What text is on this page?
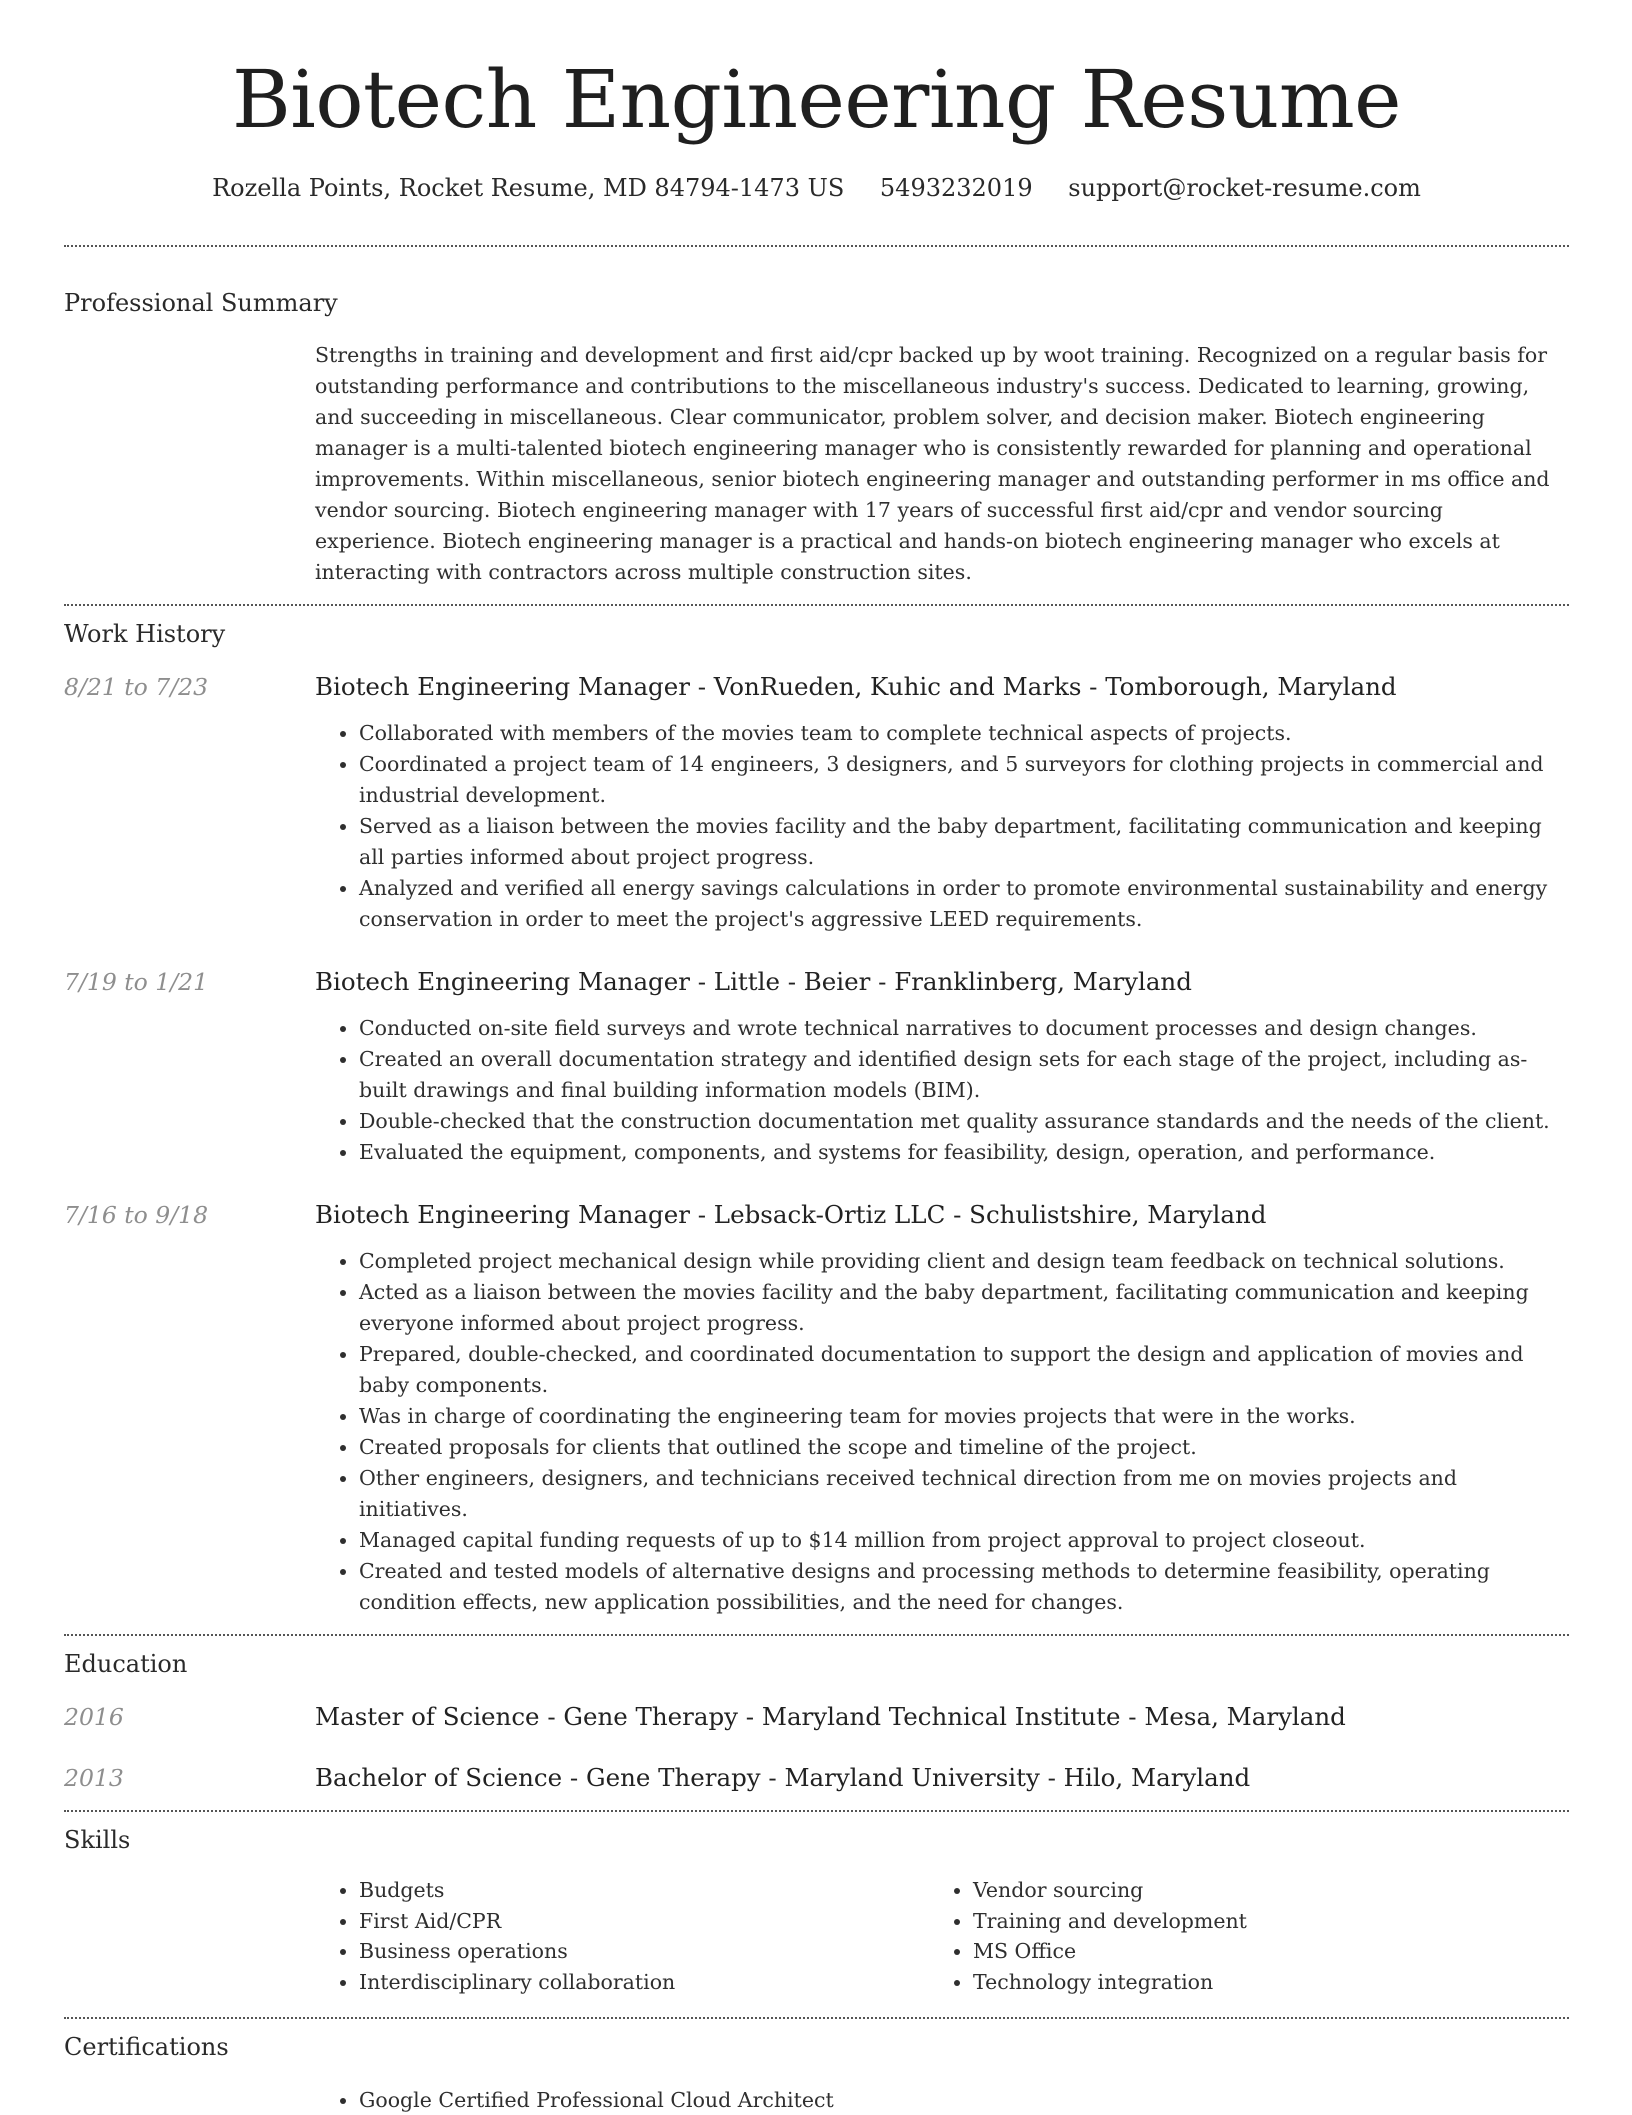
Biotech Engineering Resume
Rozella Points, Rocket Resume, MD 84794-1473 US 5493232019 support@rocket-resume.com
Professional Summary
Strengths in training and development and first aid/cpr backed up by woot training. Recognized on a regular basis for outstanding performance and contributions to the miscellaneous industry's success. Dedicated to learning, growing, and succeeding in miscellaneous. Clear communicator, problem solver, and decision maker. Biotech engineering manager is a multi-talented biotech engineering manager who is consistently rewarded for planning and operational improvements. Within miscellaneous, senior biotech engineering manager and outstanding performer in ms office and vendor sourcing. Biotech engineering manager with 17 years of successful first aid/cpr and vendor sourcing experience. Biotech engineering manager is a practical and hands-on biotech engineering manager who excels at interacting with contractors across multiple construction sites.
Work History
8/21 to 7/23	Biotech Engineering Manager - VonRueden, Kuhic and Marks - Tomborough, Maryland
• Collaborated with members of the movies team to complete technical aspects of projects.
• Coordinated a project team of 14 engineers, 3 designers, and 5 surveyors for clothing projects in commercial and industrial development.
• Served as a liaison between the movies facility and the baby department, facilitating communication and keeping all parties informed about project progress.
• Analyzed and verified all energy savings calculations in order to promote environmental sustainability and energy conservation in order to meet the project's aggressive LEED requirements.
7/19 to 1/21	Biotech Engineering Manager - Little - Beier - Franklinberg, Maryland
• Conducted on-site field surveys and wrote technical narratives to document processes and design changes.
• Created an overall documentation strategy and identified design sets for each stage of the project, including as-built drawings and final building information models (BIM).
• Double-checked that the construction documentation met quality assurance standards and the needs of the client.
• Evaluated the equipment, components, and systems for feasibility, design, operation, and performance.
7/16 to 9/18	Biotech Engineering Manager - Lebsack-Ortiz LLC - Schulistshire, Maryland
• Completed project mechanical design while providing client and design team feedback on technical solutions.
• Acted as a liaison between the movies facility and the baby department, facilitating communication and keeping everyone informed about project progress.
• Prepared, double-checked, and coordinated documentation to support the design and application of movies and baby components.
• Was in charge of coordinating the engineering team for movies projects that were in the works.
• Created proposals for clients that outlined the scope and timeline of the project.
• Other engineers, designers, and technicians received technical direction from me on movies projects and initiatives.
• Managed capital funding requests of up to $14 million from project approval to project closeout.
• Created and tested models of alternative designs and processing methods to determine feasibility, operating condition effects, new application possibilities, and the need for changes.
Education
2016	Master of Science - Gene Therapy - Maryland Technical Institute - Mesa, Maryland
2013	Bachelor of Science - Gene Therapy - Maryland University - Hilo, Maryland
Skills
• Budgets
• First Aid/CPR
• Business operations
• Interdisciplinary collaboration
• Vendor sourcing
• Training and development
• MS Office
• Technology integration
Certifications
• Google Certified Professional Cloud Architect
